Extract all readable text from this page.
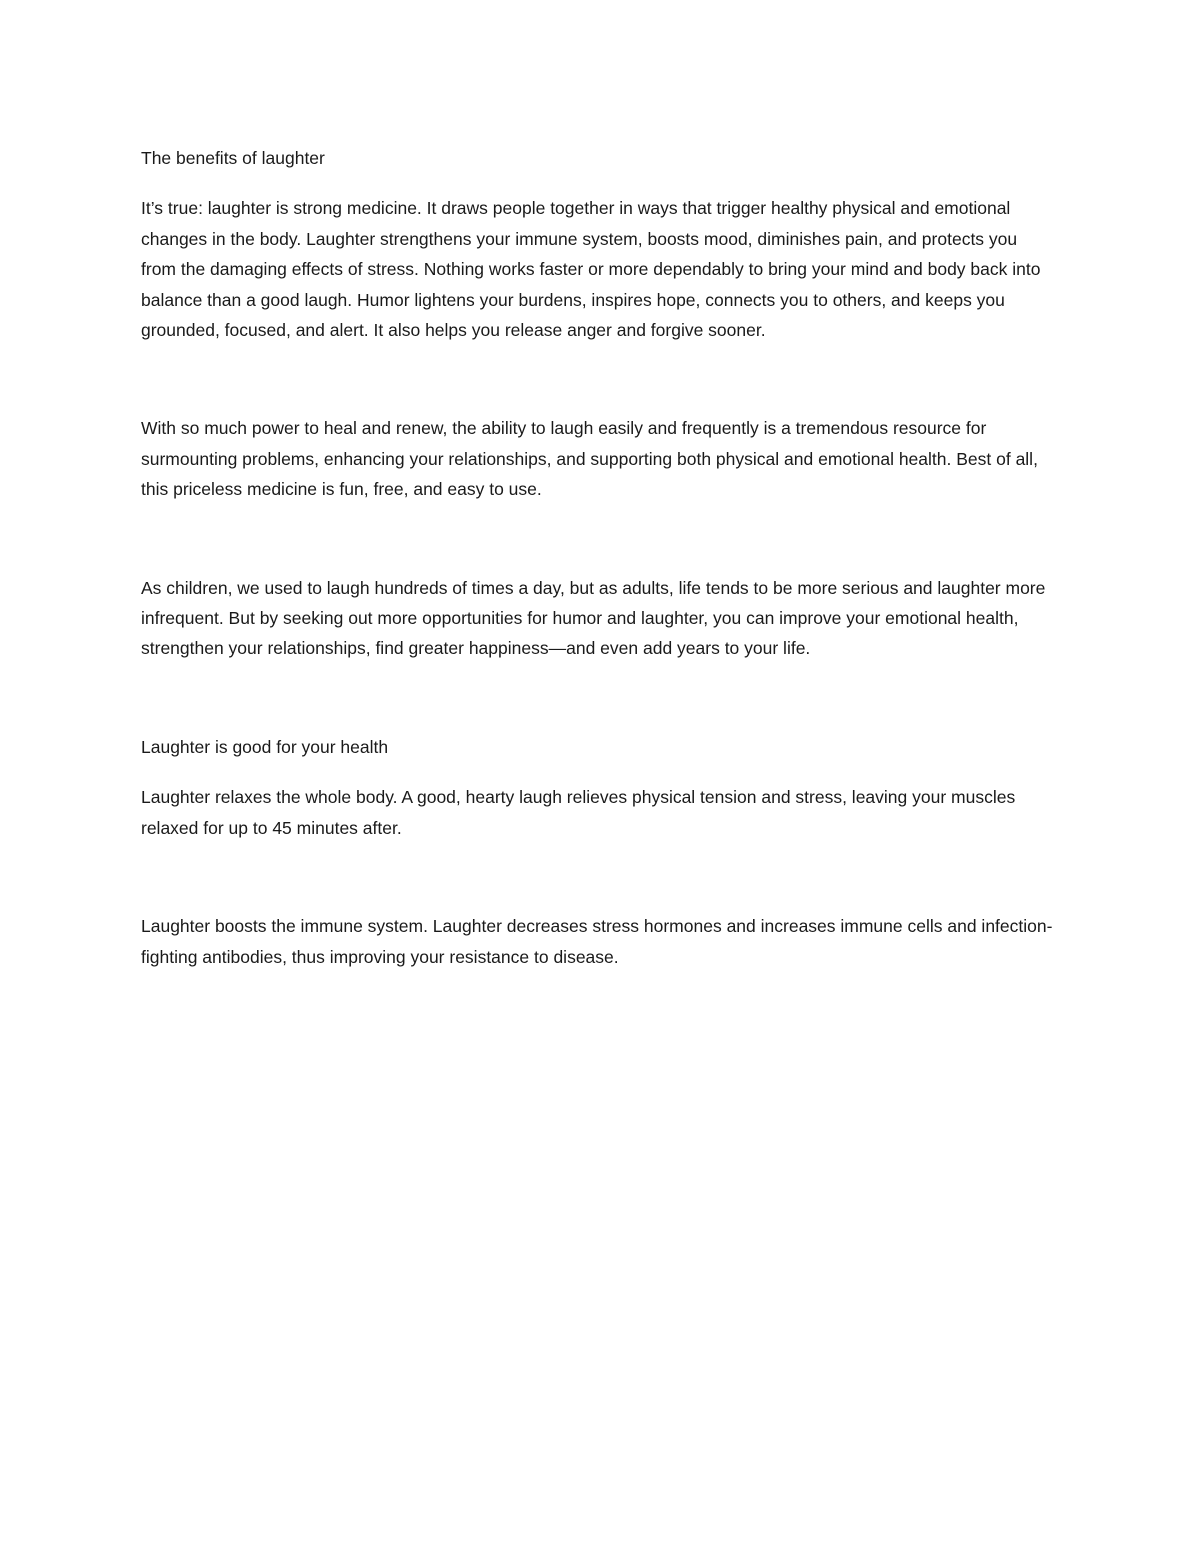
The benefits of laughter

It’s true: laughter is strong medicine. It draws people together in ways that trigger healthy physical and emotional changes in the body. Laughter strengthens your immune system, boosts mood, diminishes pain, and protects you from the damaging effects of stress. Nothing works faster or more dependably to bring your mind and body back into balance than a good laugh. Humor lightens your burdens, inspires hope, connects you to others, and keeps you grounded, focused, and alert. It also helps you release anger and forgive sooner.

With so much power to heal and renew, the ability to laugh easily and frequently is a tremendous resource for surmounting problems, enhancing your relationships, and supporting both physical and emotional health. Best of all, this priceless medicine is fun, free, and easy to use.

As children, we used to laugh hundreds of times a day, but as adults, life tends to be more serious and laughter more infrequent. But by seeking out more opportunities for humor and laughter, you can improve your emotional health, strengthen your relationships, find greater happiness—and even add years to your life.

Laughter is good for your health

Laughter relaxes the whole body. A good, hearty laugh relieves physical tension and stress, leaving your muscles relaxed for up to 45 minutes after.

Laughter boosts the immune system. Laughter decreases stress hormones and increases immune cells and infection-fighting antibodies, thus improving your resistance to disease.
